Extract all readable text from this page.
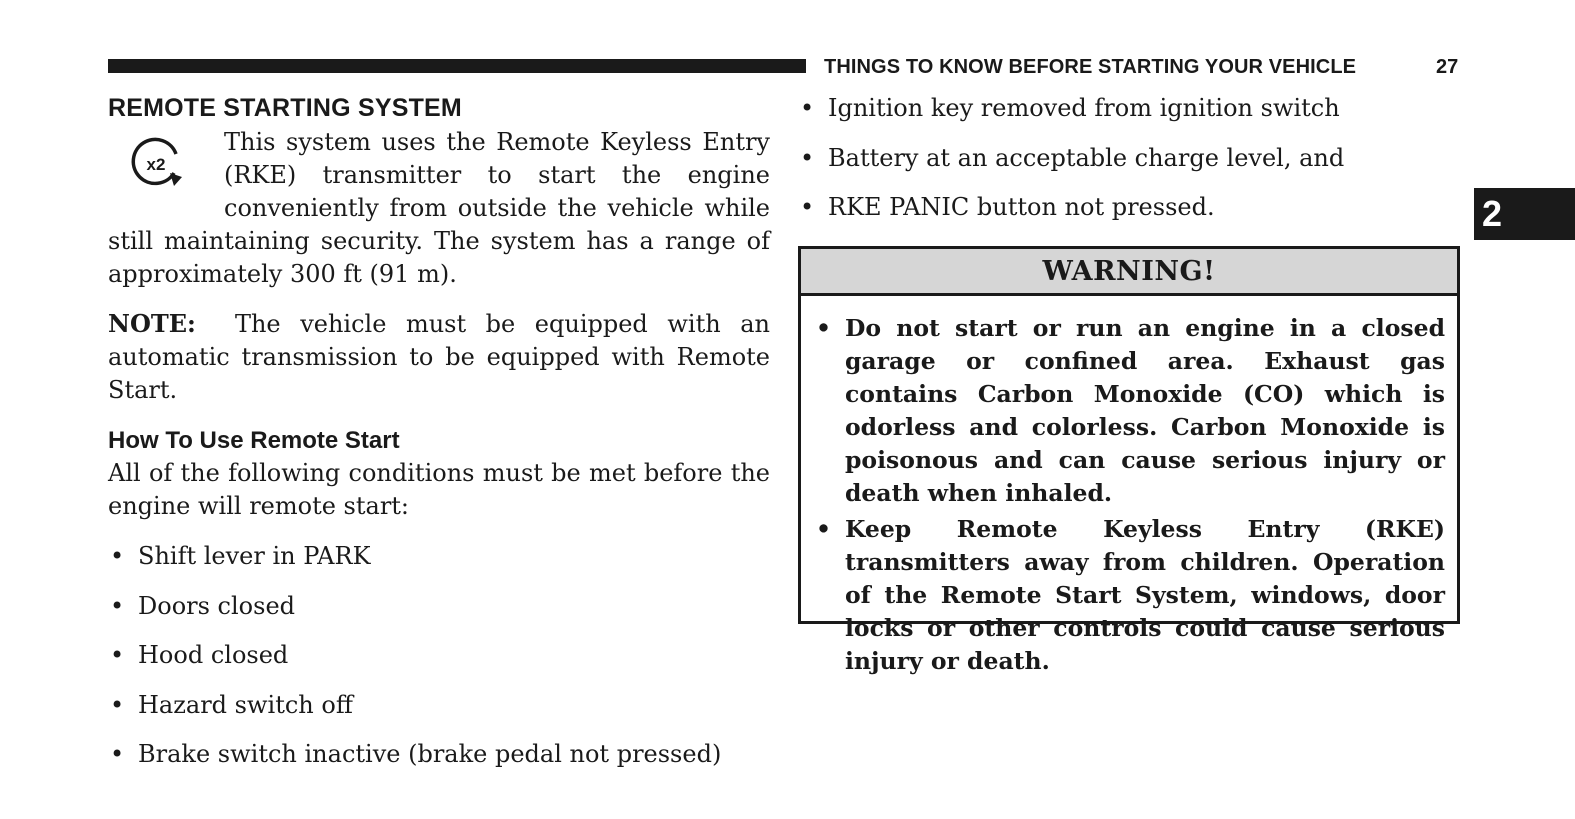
THINGS TO KNOW BEFORE STARTING YOUR VEHICLE	27
2
REMOTE STARTING SYSTEM

x2
This system uses the Remote Keyless Entry (RKE) transmitter to start the engine conveniently from outside the vehicle while still maintaining security. The system has a range of approximately 300 ft (91 m).

NOTE: The vehicle must be equipped with an automatic transmission to be equipped with Remote Start.

How To Use Remote Start

All of the following conditions must be met before the engine will remote start:

• Shift lever in PARK
• Doors closed
• Hood closed
• Hazard switch off
• Brake switch inactive (brake pedal not pressed)
• Ignition key removed from ignition switch
• Battery at an acceptable charge level, and
• RKE PANIC button not pressed.
WARNING!
• Do not start or run an engine in a closed garage or confined area. Exhaust gas contains Carbon Monoxide (CO) which is odorless and colorless. Carbon Monoxide is poisonous and can cause serious injury or death when inhaled.
• Keep Remote Keyless Entry (RKE) transmitters away from children. Operation of the Remote Start System, windows, door locks or other controls could cause serious injury or death.
